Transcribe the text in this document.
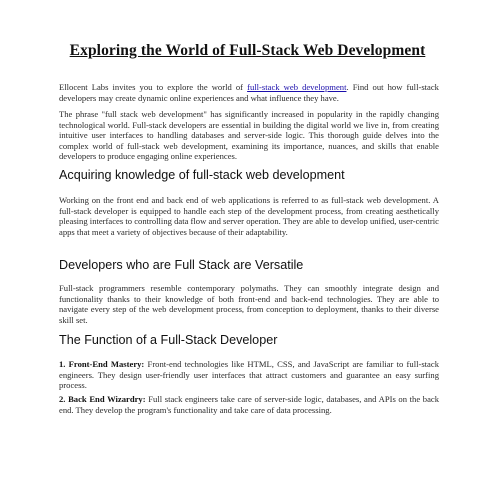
Exploring the World of Full-Stack Web Development
Ellocent Labs invites you to explore the world of full-stack web development. Find out how full-stack developers may create dynamic online experiences and what influence they have.
The phrase "full stack web development" has significantly increased in popularity in the rapidly changing technological world. Full-stack developers are essential in building the digital world we live in, from creating intuitive user interfaces to handling databases and server-side logic. This thorough guide delves into the complex world of full-stack web development, examining its importance, nuances, and skills that enable developers to produce engaging online experiences.
Acquiring knowledge of full-stack web development
Working on the front end and back end of web applications is referred to as full-stack web development. A full-stack developer is equipped to handle each step of the development process, from creating aesthetically pleasing interfaces to controlling data flow and server operation. They are able to develop unified, user-centric apps that meet a variety of objectives because of their adaptability.
Developers who are Full Stack are Versatile
Full-stack programmers resemble contemporary polymaths. They can smoothly integrate design and functionality thanks to their knowledge of both front-end and back-end technologies. They are able to navigate every step of the web development process, from conception to deployment, thanks to their diverse skill set.
The Function of a Full-Stack Developer
1. Front-End Mastery: Front-end technologies like HTML, CSS, and JavaScript are familiar to full-stack engineers. They design user-friendly user interfaces that attract customers and guarantee an easy surfing process.
2. Back End Wizardry: Full stack engineers take care of server-side logic, databases, and APIs on the back end. They develop the program's functionality and take care of data processing.
